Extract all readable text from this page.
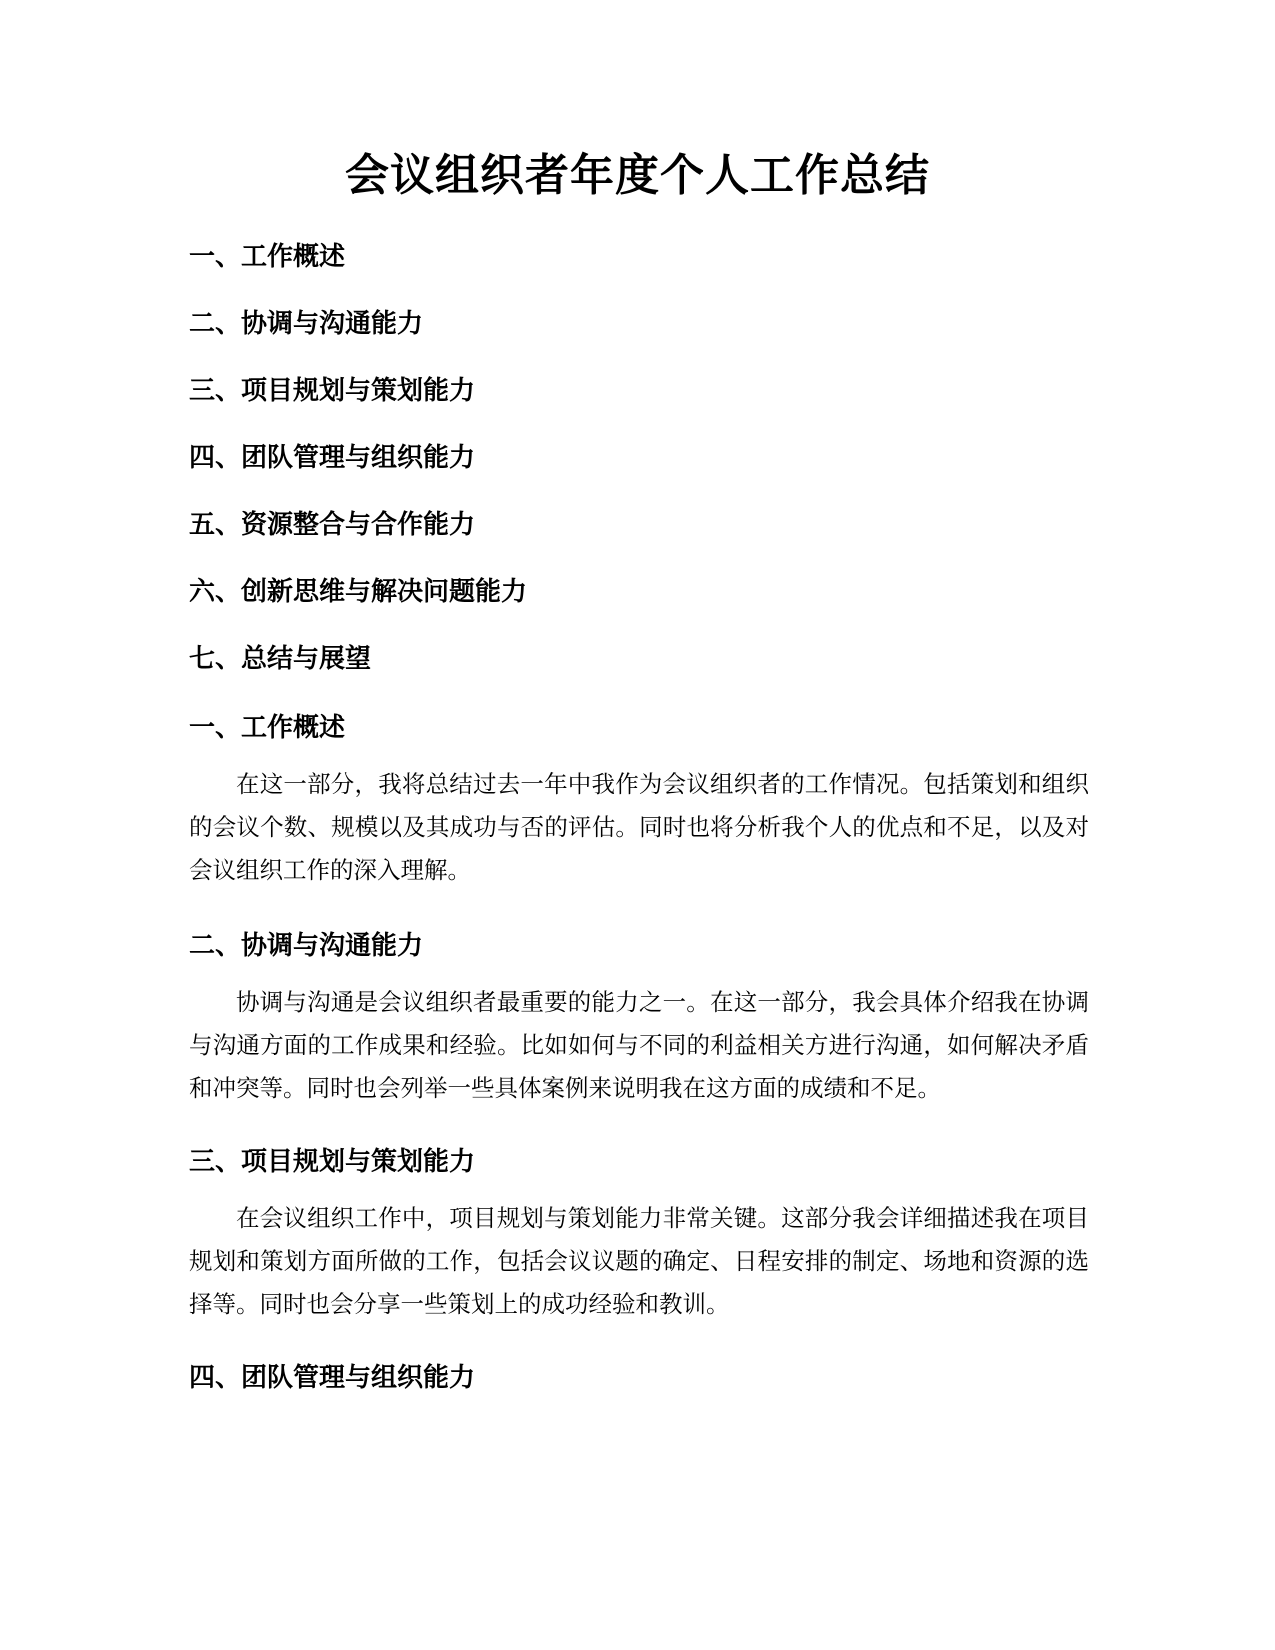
会议组织者年度个人工作总结
一、工作概述
二、协调与沟通能力
三、项目规划与策划能力
四、团队管理与组织能力
五、资源整合与合作能力
六、创新思维与解决问题能力
七、总结与展望
一、工作概述

在这一部分，我将总结过去一年中我作为会议组织者的工作情况。包括策划和组织的会议个数、规模以及其成功与否的评估。同时也将分析我个人的优点和不足，以及对会议组织工作的深入理解。

二、协调与沟通能力

协调与沟通是会议组织者最重要的能力之一。在这一部分，我会具体介绍我在协调与沟通方面的工作成果和经验。比如如何与不同的利益相关方进行沟通，如何解决矛盾和冲突等。同时也会列举一些具体案例来说明我在这方面的成绩和不足。

三、项目规划与策划能力

在会议组织工作中，项目规划与策划能力非常关键。这部分我会详细描述我在项目规划和策划方面所做的工作，包括会议议题的确定、日程安排的制定、场地和资源的选择等。同时也会分享一些策划上的成功经验和教训。

四、团队管理与组织能力
